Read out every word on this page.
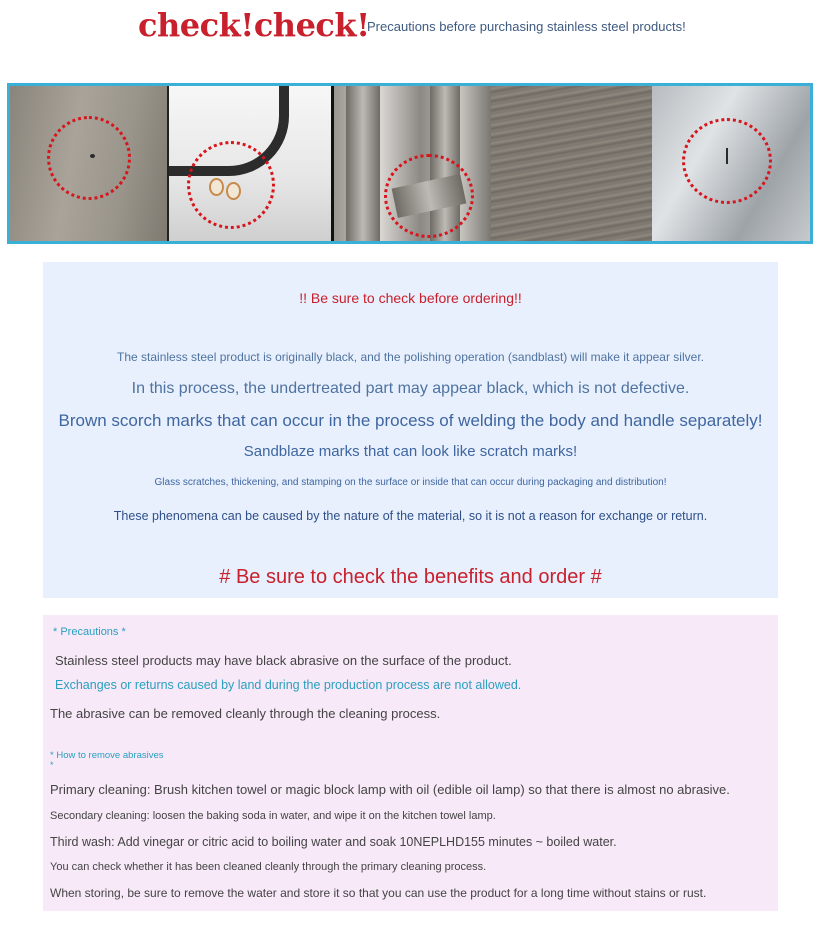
check!check!
Precautions before purchasing stainless steel products!
!! Be sure to check before ordering!!
The stainless steel product is originally black, and the polishing operation (sandblast) will make it appear silver.
In this process, the undertreated part may appear black, which is not defective.
Brown scorch marks that can occur in the process of welding the body and handle separately!
Sandblaze marks that can look like scratch marks!
Glass scratches, thickening, and stamping on the surface or inside that can occur during packaging and distribution!
These phenomena can be caused by the nature of the material, so it is not a reason for exchange or return.
# Be sure to check the benefits and order #
* Precautions *
Stainless steel products may have black abrasive on the surface of the product.
Exchanges or returns caused by land during the production process are not allowed.
The abrasive can be removed cleanly through the cleaning process.
* How to remove abrasives
*
Primary cleaning: Brush kitchen towel or magic block lamp with oil (edible oil lamp) so that there is almost no abrasive.
Secondary cleaning: loosen the baking soda in water, and wipe it on the kitchen towel lamp.
Third wash: Add vinegar or citric acid to boiling water and soak 10NEPLHD155 minutes ~ boiled water.
You can check whether it has been cleaned cleanly through the primary cleaning process.
When storing, be sure to remove the water and store it so that you can use the product for a long time without stains or rust.
